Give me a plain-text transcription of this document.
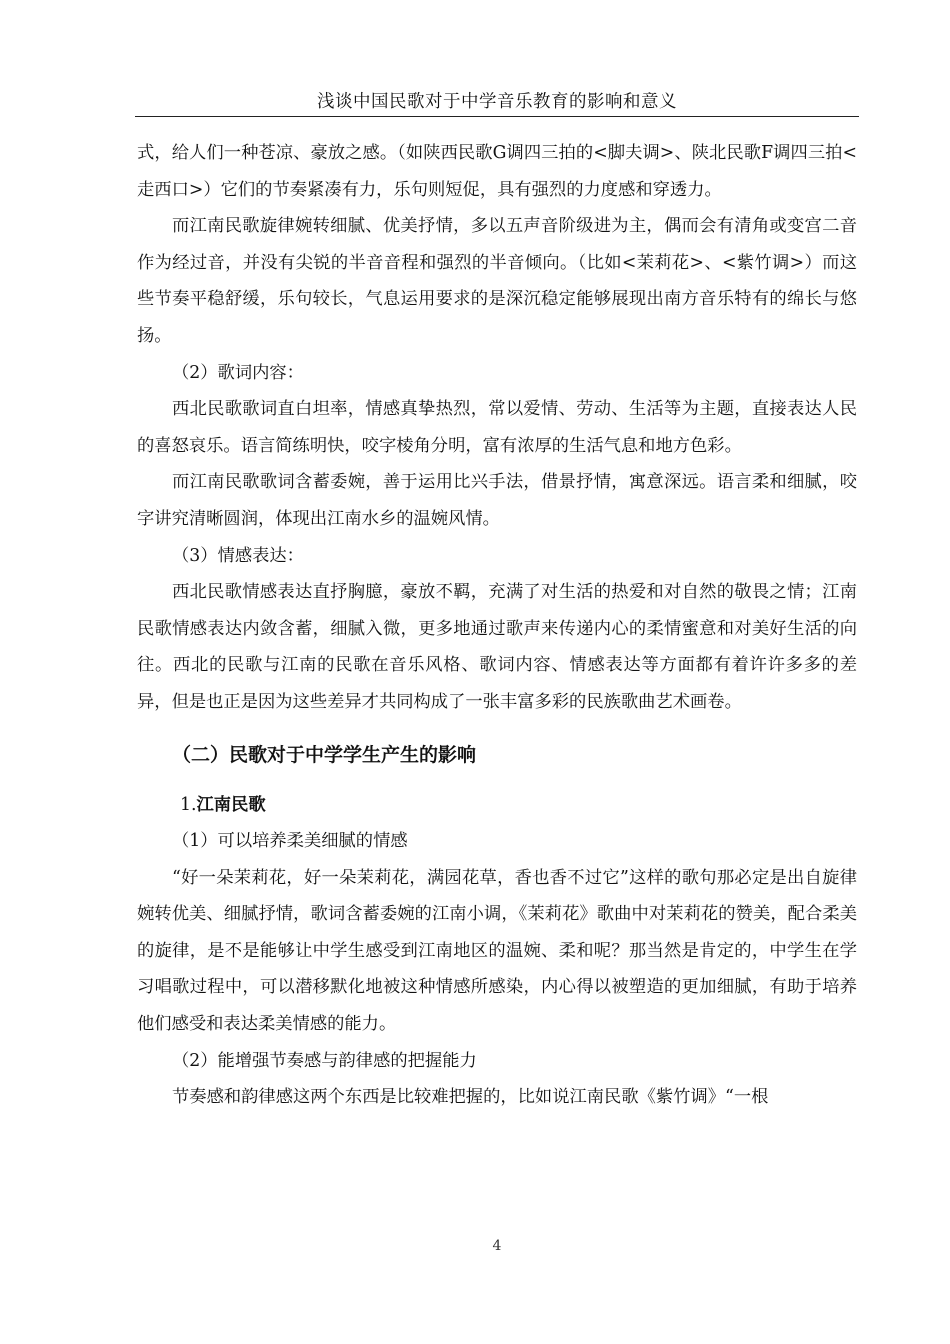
浅谈中国民歌对于中学音乐教育的影响和意义

式，给人们一种苍凉、豪放之感。（如陕西民歌G调四三拍的<脚夫调>、陕北民歌F调四三拍<走西口>）它们的节奏紧凑有力，乐句则短促，具有强烈的力度感和穿透力。

而江南民歌旋律婉转细腻、优美抒情，多以五声音阶级进为主，偶而会有清角或变宫二音作为经过音，并没有尖锐的半音音程和强烈的半音倾向。（比如<茉莉花>、<紫竹调>）而这些节奏平稳舒缓，乐句较长，气息运用要求的是深沉稳定能够展现出南方音乐特有的绵长与悠扬。

（2）歌词内容：

西北民歌歌词直白坦率，情感真挚热烈，常以爱情、劳动、生活等为主题，直接表达人民的喜怒哀乐。语言简练明快，咬字棱角分明，富有浓厚的生活气息和地方色彩。

而江南民歌歌词含蓄委婉，善于运用比兴手法，借景抒情，寓意深远。语言柔和细腻，咬字讲究清晰圆润，体现出江南水乡的温婉风情。

（3）情感表达：

西北民歌情感表达直抒胸臆，豪放不羁，充满了对生活的热爱和对自然的敬畏之情；江南民歌情感表达内敛含蓄，细腻入微，更多地通过歌声来传递内心的柔情蜜意和对美好生活的向往。西北的民歌与江南的民歌在音乐风格、歌词内容、情感表达等方面都有着许许多多的差异，但是也正是因为这些差异才共同构成了一张丰富多彩的民族歌曲艺术画卷。

（二）民歌对于中学学生产生的影响

1.江南民歌

（1）可以培养柔美细腻的情感

“好一朵茉莉花，好一朵茉莉花，满园花草，香也香不过它”这样的歌句那必定是出自旋律婉转优美、细腻抒情，歌词含蓄委婉的江南小调，《茉莉花》歌曲中对茉莉花的赞美，配合柔美的旋律，是不是能够让中学生感受到江南地区的温婉、柔和呢？那当然是肯定的，中学生在学习唱歌过程中，可以潜移默化地被这种情感所感染，内心得以被塑造的更加细腻，有助于培养他们感受和表达柔美情感的能力。

（2）能增强节奏感与韵律感的把握能力

节奏感和韵律感这两个东西是比较难把握的，比如说江南民歌《紫竹调》“一根

4
